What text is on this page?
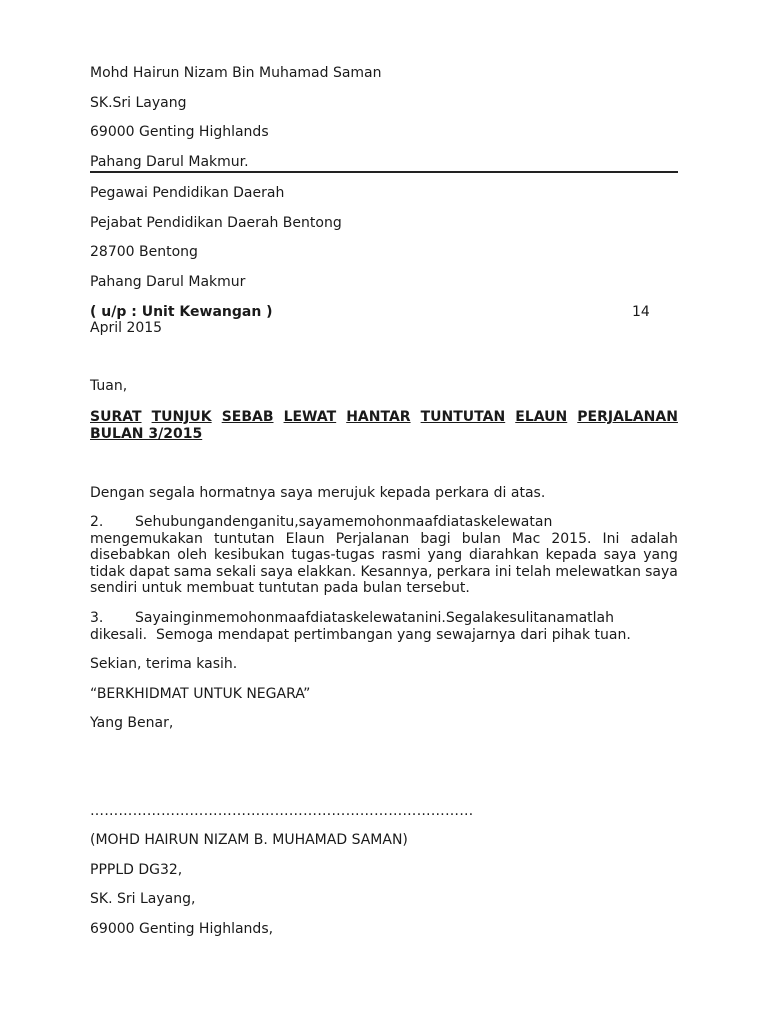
Mohd Hairun Nizam Bin Muhamad Saman
SK.Sri Layang
69000 Genting Highlands
Pahang Darul Makmur.
Pegawai Pendidikan Daerah
Pejabat Pendidikan Daerah Bentong
28700 Bentong
Pahang Darul Makmur
( u/p : Unit Kewangan )	14
April 2015
Tuan,
SURAT TUNJUK SEBAB LEWAT HANTAR TUNTUTAN ELAUN PERJALANAN
BULAN 3/2015
Dengan segala hormatnya saya merujuk kepada perkara di atas.
2.	Sehubungandenganitu,sayamemohonmaafdiataskelewatan
mengemukakan tuntutan Elaun Perjalanan bagi bulan Mac 2015. Ini adalah
disebabkan oleh kesibukan tugas-tugas rasmi yang diarahkan kepada saya yang
tidak dapat sama sekali saya elakkan. Kesannya, perkara ini telah melewatkan saya
sendiri untuk membuat tuntutan pada bulan tersebut.
3.	Sayainginmemohonmaafdiataskelewatanini.Segalakesulitanamatlah
dikesali.  Semoga mendapat pertimbangan yang sewajarnya dari pihak tuan.
Sekian, terima kasih.
“BERKHIDMAT UNTUK NEGARA”
Yang Benar,
………………………………………………………………………
(MOHD HAIRUN NIZAM B. MUHAMAD SAMAN)
PPPLD DG32,
SK. Sri Layang,
69000 Genting Highlands,
